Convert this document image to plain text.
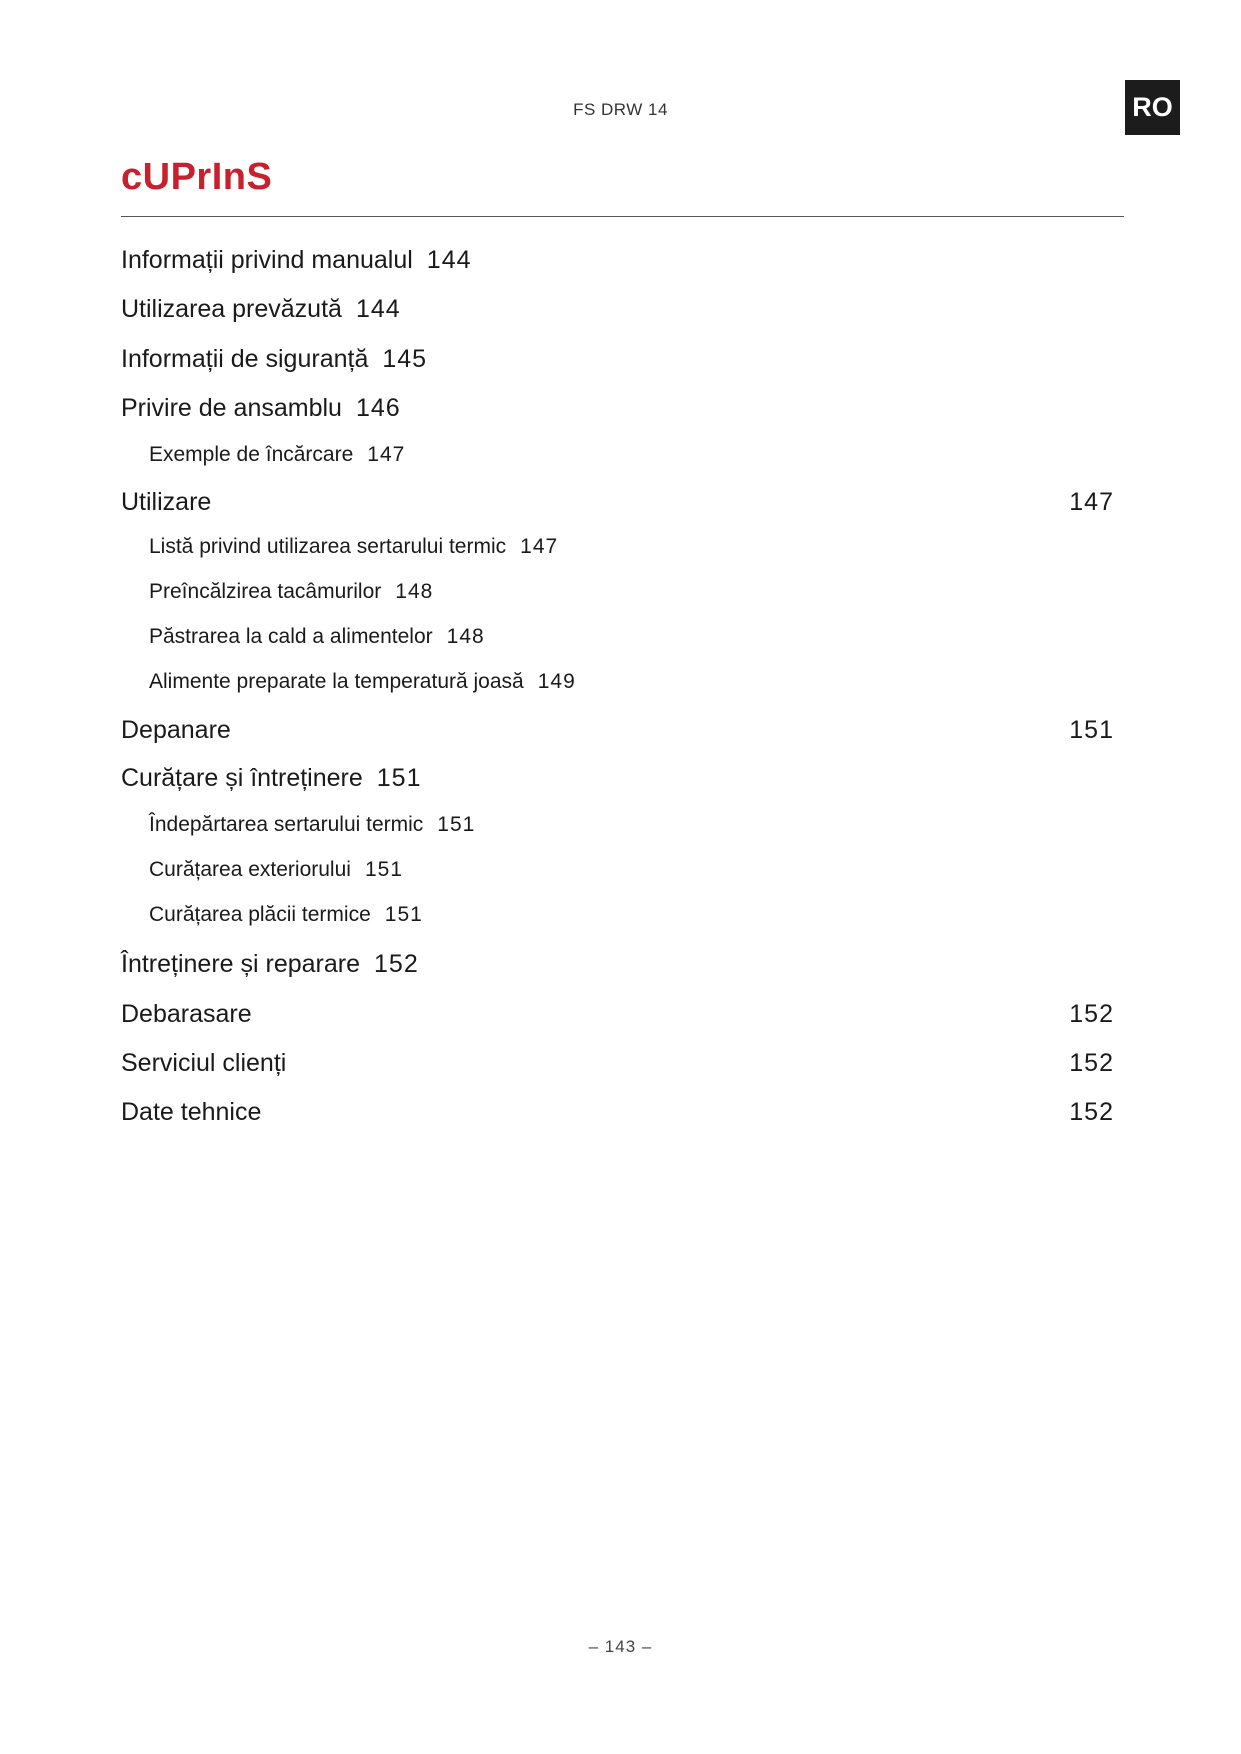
FS DRW 14	RO
cUPrInS
Informații privind manualul 144
Utilizarea prevăzută 144
Informații de siguranță 145
Privire de ansamblu 146
Exemple de încărcare 147
Utilizare	147
Listă privind utilizarea sertarului termic 147
Preîncălzirea tacâmurilor 148
Păstrarea la cald a alimentelor 148
Alimente preparate la temperatură joasă 149
Depanare	151
Curățare și întreținere 151
Îndepărtarea sertarului termic 151
Curățarea exteriorului 151
Curățarea plăcii termice 151
Întreținere și reparare 152
Debarasare	152
Serviciul clienți	152
Date tehnice	152
– 143 –
